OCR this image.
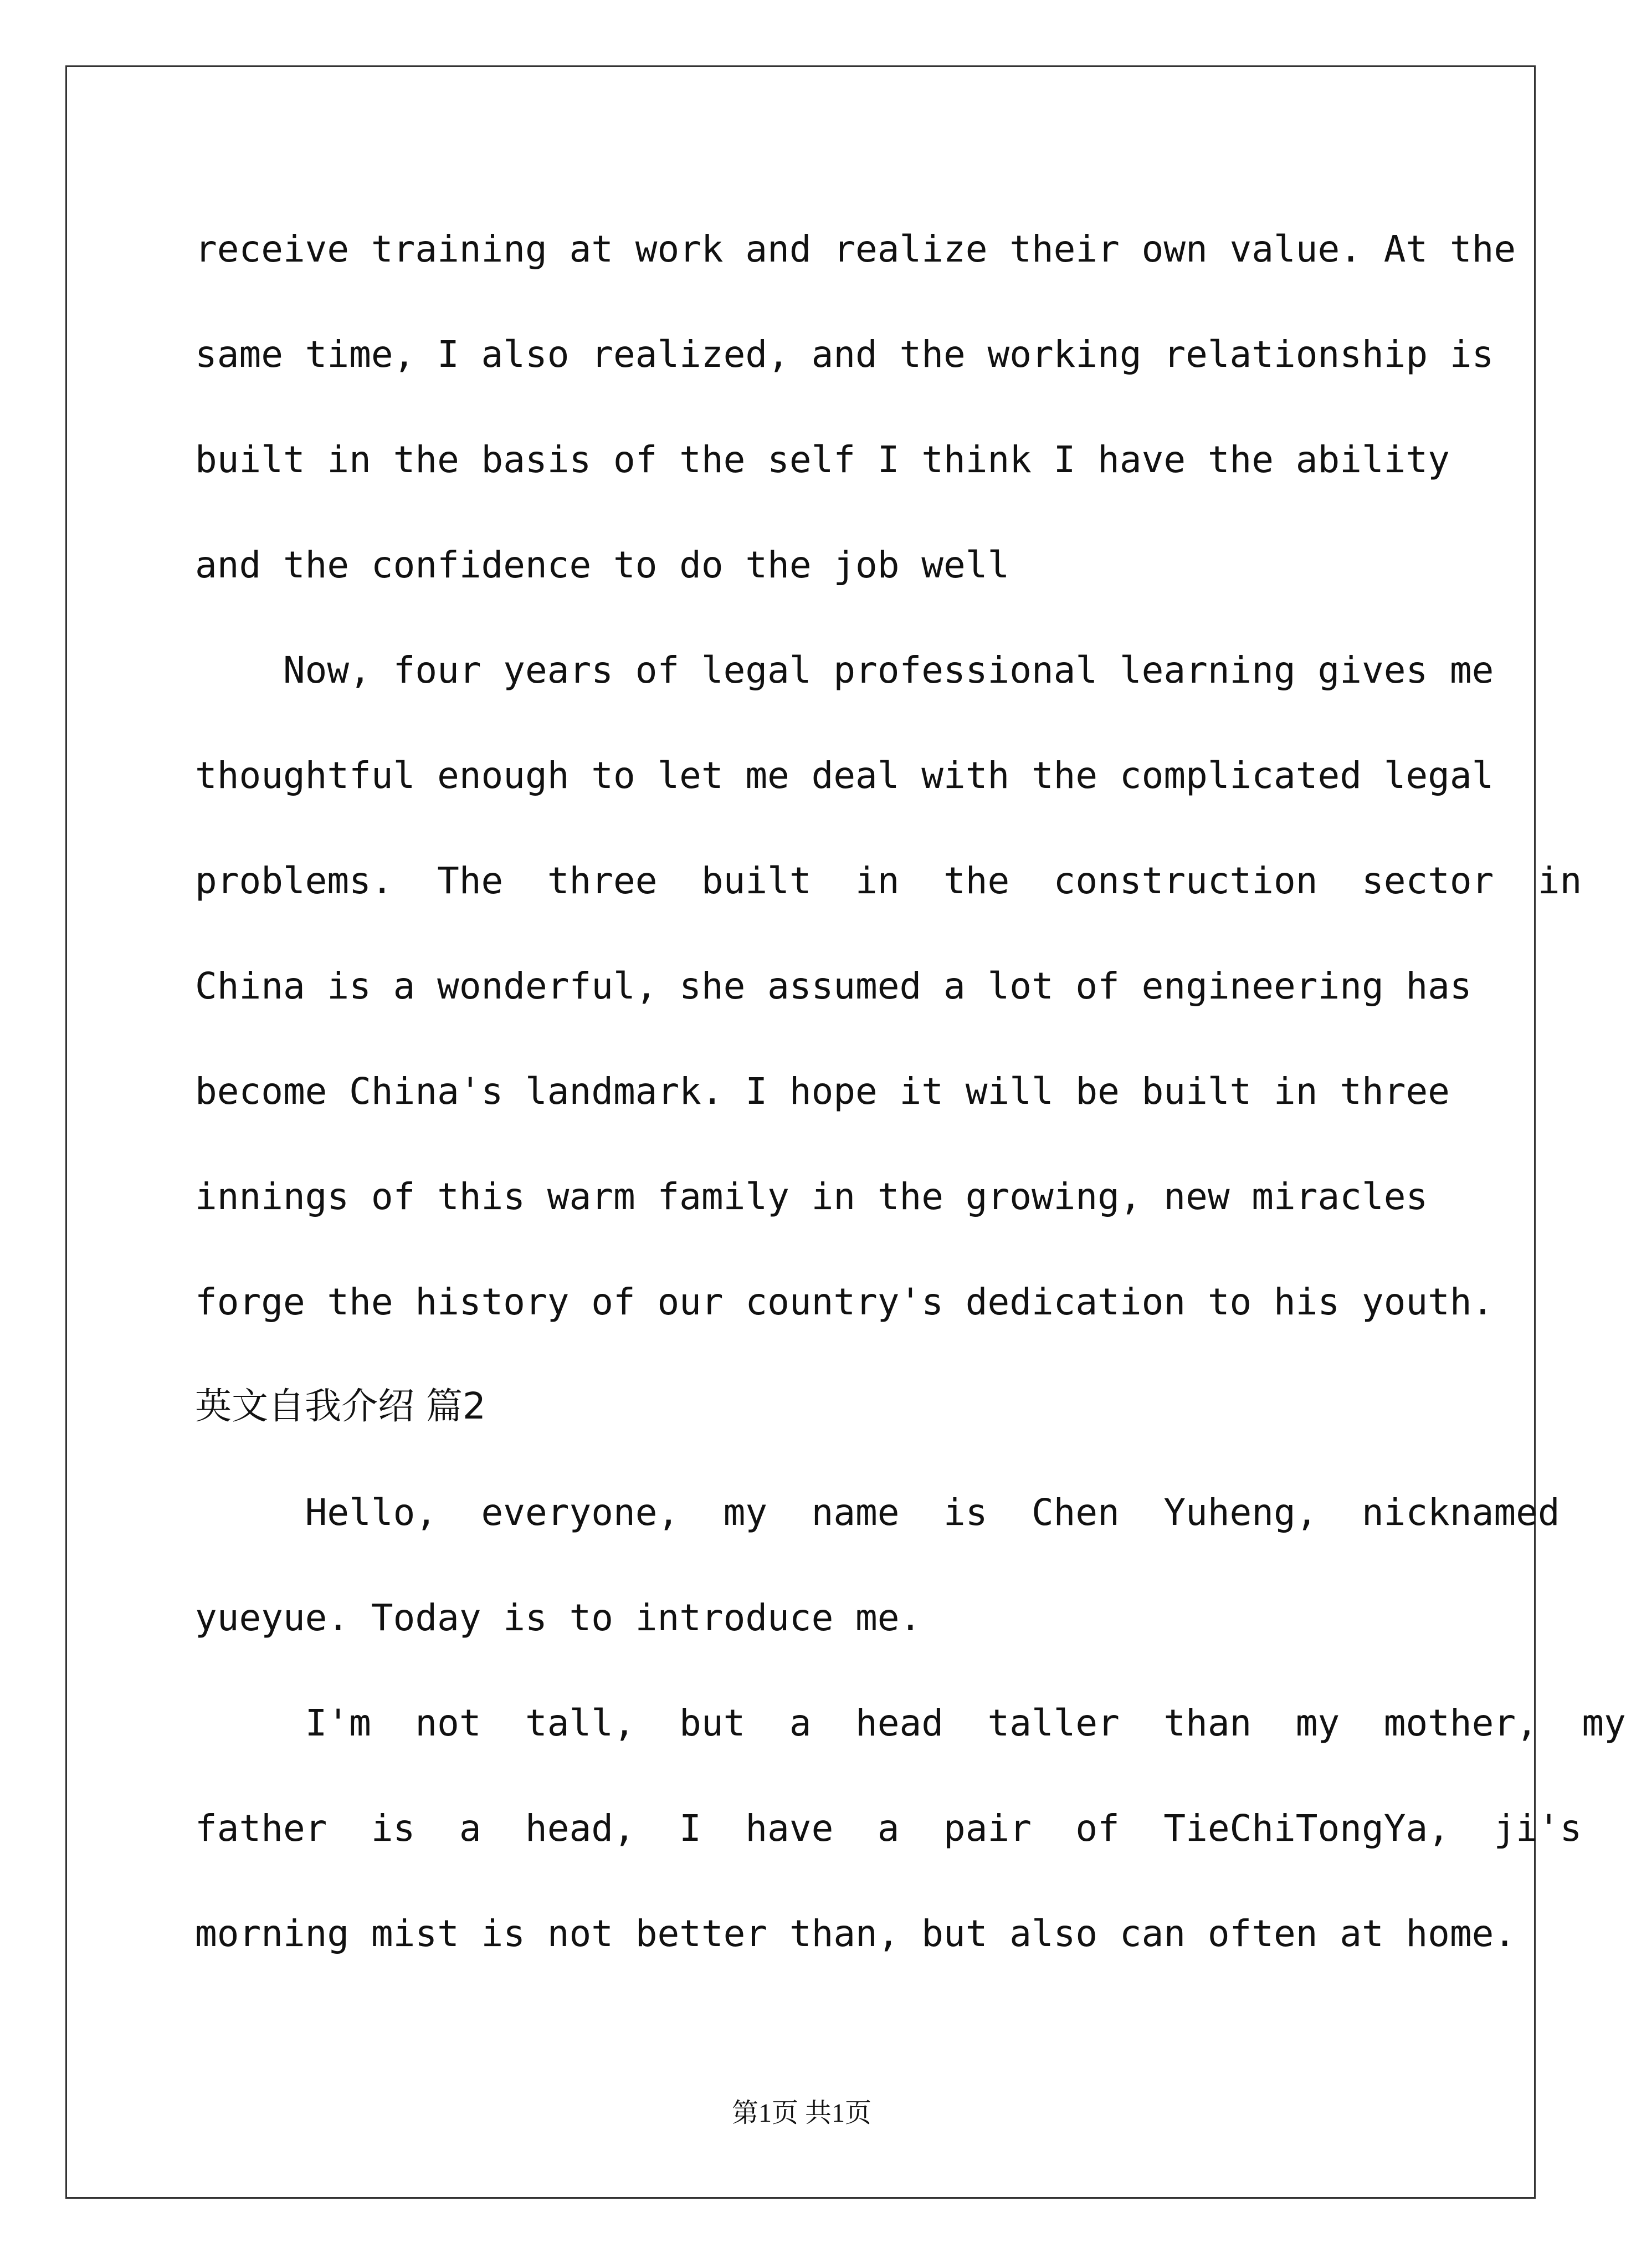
receive training at work and realize their own value. At the
same time, I also realized, and the working relationship is
built in the basis of the self I think I have the ability
and the confidence to do the job well
Now, four years of legal professional learning gives me
thoughtful enough to let me deal with the complicated legal
problems.  The  three  built  in  the  construction  sector  in
China is a wonderful, she assumed a lot of engineering has
become China's landmark. I hope it will be built in three
innings of this warm family in the growing, new miracles
forge the history of our country's dedication to his youth.
英文自我介绍 篇2
Hello,  everyone,  my  name  is  Chen  Yuheng,  nicknamed
yueyue. Today is to introduce me.
I'm  not  tall,  but  a  head  taller  than  my  mother,  my
father  is  a  head,  I  have  a  pair  of  TieChiTongYa,  ji's
morning mist is not better than, but also can often at home.
第1页 共1页
